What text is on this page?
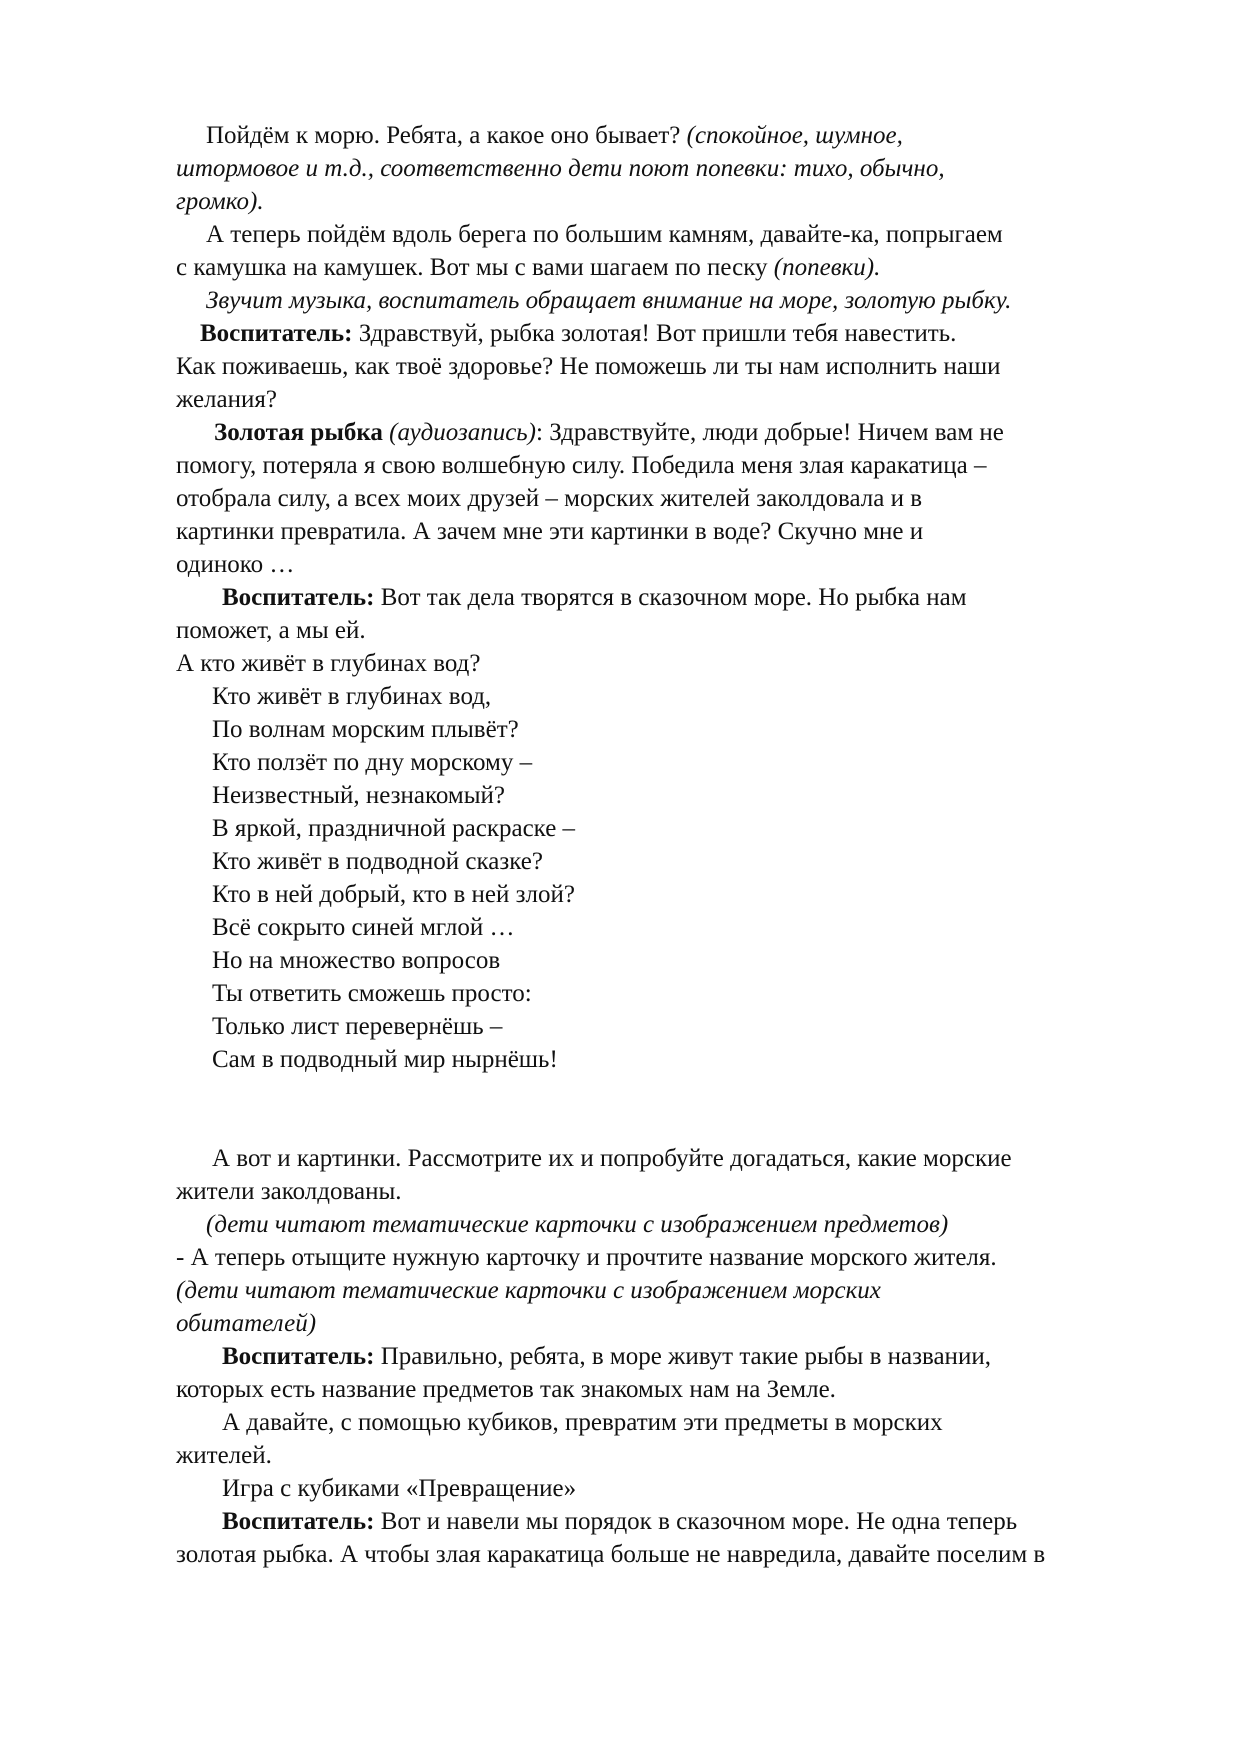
Пойдём к морю. Ребята, а какое оно бывает? (спокойное, шумное,
штормовое и т.д., соответственно дети поют попевки: тихо, обычно,
громко).
А теперь пойдём вдоль берега по большим камням, давайте-ка, попрыгаем
с камушка на камушек. Вот мы с вами шагаем по песку (попевки).
Звучит музыка, воспитатель обращает внимание на море, золотую рыбку.
Воспитатель: Здравствуй, рыбка золотая! Вот пришли тебя навестить.
Как поживаешь, как твоё здоровье? Не поможешь ли ты нам исполнить наши
желания?
Золотая рыбка (аудиозапись): Здравствуйте, люди добрые! Ничем вам не
помогу, потеряла я свою волшебную силу. Победила меня злая каракатица –
отобрала силу, а всех моих друзей – морских жителей заколдовала и в
картинки превратила. А зачем мне эти картинки в воде? Скучно мне и
одиноко …
Воспитатель: Вот так дела творятся в сказочном море. Но рыбка нам
поможет, а мы ей.
А кто живёт в глубинах вод?
Кто живёт в глубинах вод,
По волнам морским плывёт?
Кто ползёт по дну морскому –
Неизвестный, незнакомый?
В яркой, праздничной раскраске –
Кто живёт в подводной сказке?
Кто в ней добрый, кто в ней злой?
Всё сокрыто синей мглой …
Но на множество вопросов
Ты ответить сможешь просто:
Только лист перевернёшь –
Сам в подводный мир нырнёшь!
А вот и картинки. Рассмотрите их и попробуйте догадаться, какие морские
жители заколдованы.
(дети читают тематические карточки с изображением предметов)
- А теперь отыщите нужную карточку и прочтите название морского жителя.
(дети читают тематические карточки с изображением морских
обитателей)
Воспитатель: Правильно, ребята, в море живут такие рыбы в названии,
которых есть название предметов так знакомых нам на Земле.
А давайте, с помощью кубиков, превратим эти предметы в морских
жителей.
Игра с кубиками «Превращение»
Воспитатель: Вот и навели мы порядок в сказочном море. Не одна теперь
золотая рыбка. А чтобы злая каракатица больше не навредила, давайте поселим в
